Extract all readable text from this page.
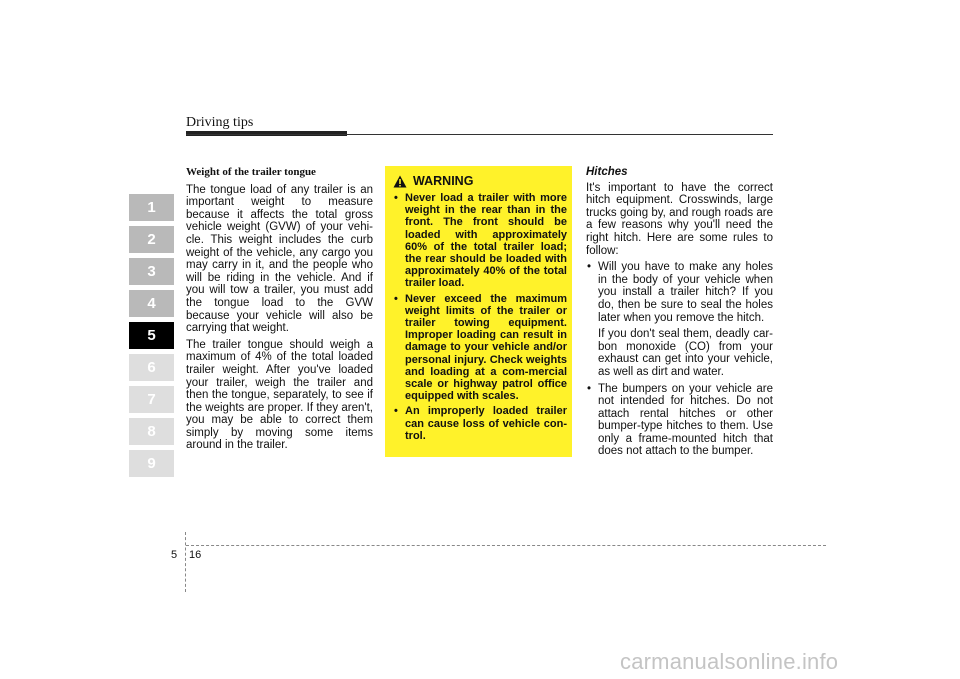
Driving tips
1
2
3
4
5
6
7
8
9
Weight of the trailer tongue

The tongue load of any trailer is an important weight to measure because it affects the total gross vehicle weight (GVW) of your vehi-cle. This weight includes the curb weight of the vehicle, any cargo you may carry in it, and the people who will be riding in the vehicle. And if you will tow a trailer, you must add the tongue load to the GVW because your vehicle will also be carrying that weight.

The trailer tongue should weigh a maximum of 4% of the total loaded trailer weight. After you've loaded your trailer, weigh the trailer and then the tongue, separately, to see if the weights are proper. If they aren't, you may be able to correct them simply by moving some items around in the trailer.

WARNING
• Never load a trailer with more weight in the rear than in the front. The front should be loaded with approximately 60% of the total trailer load; the rear should be loaded with approximately 40% of the total trailer load.
• Never exceed the maximum weight limits of the trailer or trailer towing equipment. Improper loading can result in damage to your vehicle and/or personal injury. Check weights and loading at a com-mercial scale or highway patrol office equipped with scales.
• An improperly loaded trailer can cause loss of vehicle con-trol.
Hitches

It's important to have the correct hitch equipment. Crosswinds, large trucks going by, and rough roads are a few reasons why you'll need the right hitch. Here are some rules to follow:

• Will you have to make any holes in the body of your vehicle when you install a trailer hitch? If you do, then be sure to seal the holes later when you remove the hitch.

If you don't seal them, deadly car-bon monoxide (CO) from your exhaust can get into your vehicle, as well as dirt and water.

• The bumpers on your vehicle are not intended for hitches. Do not attach rental hitches or other bumper-type hitches to them. Use only a frame-mounted hitch that does not attach to the bumper.

5 16
carmanualsonline.info
